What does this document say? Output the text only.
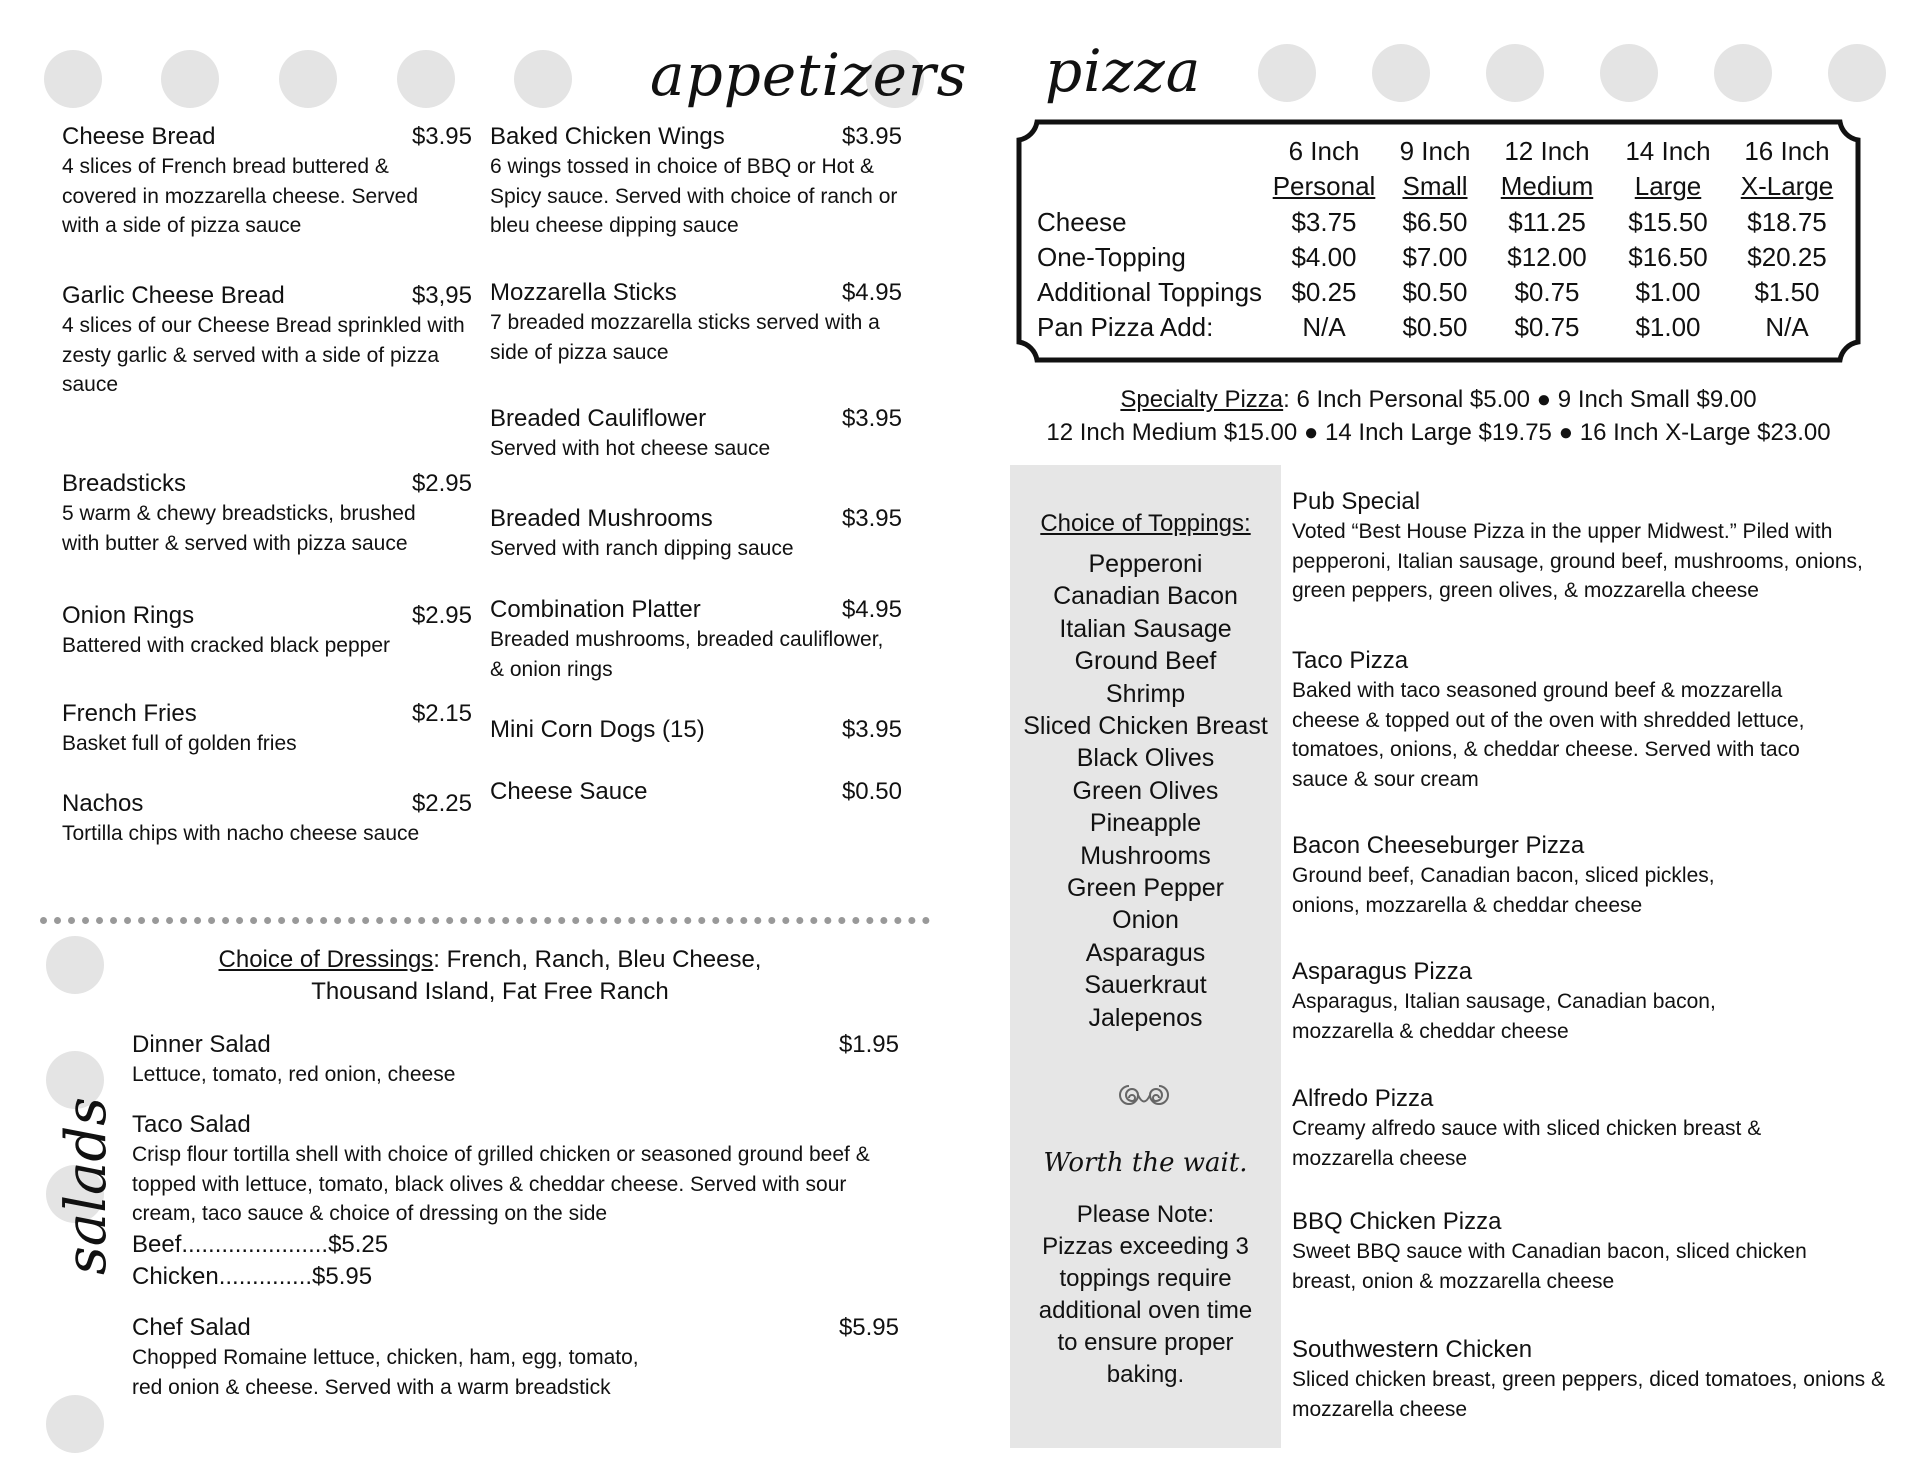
appetizers
Cheese Bread	$3.95
4 slices of French bread buttered & covered in mozzarella cheese. Served with a side of pizza sauce
Garlic Cheese Bread	$3,95
4 slices of our Cheese Bread sprinkled with zesty garlic & served with a side of pizza sauce
Breadsticks	$2.95
5 warm & chewy breadsticks, brushed with butter & served with pizza sauce
Onion Rings	$2.95
Battered with cracked black pepper
French Fries	$2.15
Basket full of golden fries
Nachos	$2.25
Tortilla chips with nacho cheese sauce
Baked Chicken Wings	$3.95
6 wings tossed in choice of BBQ or Hot & Spicy sauce. Served with choice of ranch or bleu cheese dipping sauce
Mozzarella Sticks	$4.95
7 breaded mozzarella sticks served with a side of pizza sauce
Breaded Cauliflower	$3.95
Served with hot cheese sauce
Breaded Mushrooms	$3.95
Served with ranch dipping sauce
Combination Platter	$4.95
Breaded mushrooms, breaded cauliflower, & onion rings
Mini Corn Dogs (15)	$3.95
Cheese Sauce	$0.50
Choice of Dressings: French, Ranch, Bleu Cheese,
Thousand Island, Fat Free Ranch
Dinner Salad	$1.95
Lettuce, tomato, red onion, cheese
Taco Salad
Crisp flour tortilla shell with choice of grilled chicken or seasoned ground beef & topped with lettuce, tomato, black olives & cheddar cheese. Served with sour cream, taco sauce & choice of dressing on the side
Beef......................$5.25
Chicken..............$5.95
Chef Salad	$5.95
Chopped Romaine lettuce, chicken, ham, egg, tomato, red onion & cheese. Served with a warm breadstick
salads
pizza
6 Inch	9 Inch	12 Inch	14 Inch	16 Inch
Personal	Small	Medium	Large	X-Large
Cheese	$3.75	$6.50	$11.25	$15.50	$18.75
One-Topping	$4.00	$7.00	$12.00	$16.50	$20.25
Additional Toppings	$0.25	$0.50	$0.75	$1.00	$1.50
Pan Pizza Add:	N/A	$0.50	$0.75	$1.00	N/A
Specialty Pizza: 6 Inch Personal $5.00 ● 9 Inch Small $9.00
12 Inch Medium $15.00 ● 14 Inch Large $19.75 ● 16 Inch X-Large $23.00
Choice of Toppings:
Pepperoni
Canadian Bacon
Italian Sausage
Ground Beef
Shrimp
Sliced Chicken Breast
Black Olives
Green Olives
Pineapple
Mushrooms
Green Pepper
Onion
Asparagus
Sauerkraut
Jalepenos
Worth the wait.
Please Note:
Pizzas exceeding 3
toppings require
additional oven time
to ensure proper
baking.
Pub Special
Voted “Best House Pizza in the upper Midwest.” Piled with pepperoni, Italian sausage, ground beef, mushrooms, onions, green peppers, green olives, & mozzarella cheese
Taco Pizza
Baked with taco seasoned ground beef & mozzarella cheese & topped out of the oven with shredded lettuce, tomatoes, onions, & cheddar cheese. Served with taco sauce & sour cream
Bacon Cheeseburger Pizza
Ground beef, Canadian bacon, sliced pickles, onions, mozzarella & cheddar cheese
Asparagus Pizza
Asparagus, Italian sausage, Canadian bacon, mozzarella & cheddar cheese
Alfredo Pizza
Creamy alfredo sauce with sliced chicken breast & mozzarella cheese
BBQ Chicken Pizza
Sweet BBQ sauce with Canadian bacon, sliced chicken breast, onion & mozzarella cheese
Southwestern Chicken
Sliced chicken breast, green peppers, diced tomatoes, onions & mozzarella cheese
